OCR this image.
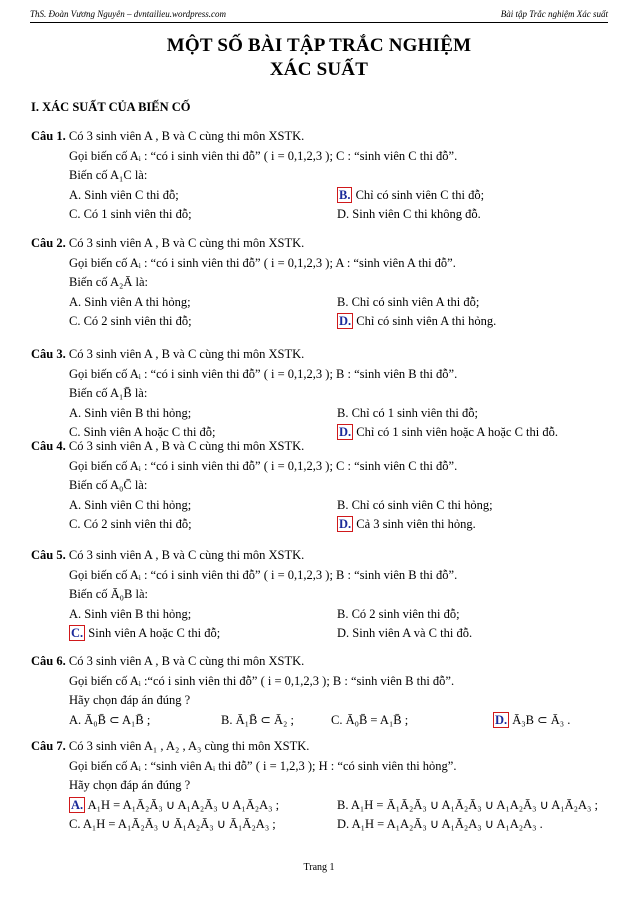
ThS. Đoàn Vương Nguyên – dvntailieu.wordpress.com	Bài tập Trắc nghiệm Xác suất
MỘT SỐ BÀI TẬP TRẮC NGHIỆM
XÁC SUẤT
I. XÁC SUẤT CỦA BIẾN CỐ
Câu 1. Có 3 sinh viên A , B và C cùng thi môn XSTK.
Gọi biến cố Aᵢ : “có i sinh viên thi đỗ” ( i = 0,1,2,3 ); C : “sinh viên C thi đỗ”.
Biến cố A₁C là:
A. Sinh viên C thi đỗ;	B. Chỉ có sinh viên C thi đỗ;
C. Có 1 sinh viên thi đỗ;	D. Sinh viên C thi không đỗ.
Câu 2. Có 3 sinh viên A , B và C cùng thi môn XSTK.
Gọi biến cố Aᵢ : “có i sinh viên thi đỗ” ( i = 0,1,2,3 ); A : “sinh viên A thi đỗ”.
Biến cố A₂Ā là:
A. Sinh viên A thi hỏng;	B. Chỉ có sinh viên A thi đỗ;
C. Có 2 sinh viên thi đỗ;	D. Chỉ có sinh viên A thi hỏng.
Câu 3. Có 3 sinh viên A , B và C cùng thi môn XSTK.
Gọi biến cố Aᵢ : “có i sinh viên thi đỗ” ( i = 0,1,2,3 ); B : “sinh viên B thi đỗ”.
Biến cố A₁B̄ là:
A. Sinh viên B thi hỏng;	B. Chỉ có 1 sinh viên thi đỗ;
C. Sinh viên A hoặc C thi đỗ;	D. Chỉ có 1 sinh viên hoặc A hoặc C thi đỗ.
Câu 4. Có 3 sinh viên A , B và C cùng thi môn XSTK.
Gọi biến cố Aᵢ : “có i sinh viên thi đỗ” ( i = 0,1,2,3 ); C : “sinh viên C thi đỗ”.
Biến cố A₀C̄ là:
A. Sinh viên C thi hỏng;	B. Chỉ có sinh viên C thi hỏng;
C. Có 2 sinh viên thi đỗ;	D. Cả 3 sinh viên thi hỏng.
Câu 5. Có 3 sinh viên A , B và C cùng thi môn XSTK.
Gọi biến cố Aᵢ : “có i sinh viên thi đỗ” ( i = 0,1,2,3 ); B : “sinh viên B thi đỗ”.
Biến cố Ā₀B là:
A. Sinh viên B thi hỏng;	B. Có 2 sinh viên thi đỗ;
C. Sinh viên A hoặc C thi đỗ;	D. Sinh viên A và C thi đỗ.
Câu 6. Có 3 sinh viên A , B và C cùng thi môn XSTK.
Gọi biến cố Aᵢ :“có i sinh viên thi đỗ” ( i = 0,1,2,3 ); B : “sinh viên B thi đỗ”.
Hãy chọn đáp án đúng ?
A. Ā₀B̄ ⊂ A₁B̄ ;	B. Ā₁B̄ ⊂ Ā₂ ;	C. Ā₀B̄ = A₁B̄ ;	D. Ā₃B ⊂ Ā₃ .
Câu 7. Có 3 sinh viên A₁ , A₂ , A₃ cùng thi môn XSTK.
Gọi biến cố Aᵢ : “sinh viên Aᵢ thi đỗ” ( i = 1,2,3 ); H : “có sinh viên thi hỏng”.
Hãy chọn đáp án đúng ?
A. A₁H = A₁Ā₂Ā₃ ∪ A₁A₂Ā₃ ∪ A₁Ā₂A₃ ;	B. A₁H = Ā₁Ā₂Ā₃ ∪ A₁Ā₂Ā₃ ∪ A₁A₂Ā₃ ∪ A₁Ā₂A₃ ;
C. A₁H = A₁Ā₂Ā₃ ∪ Ā₁A₂Ā₃ ∪ Ā₁Ā₂A₃ ;	D. A₁H = A₁A₂Ā₃ ∪ A₁Ā₂A₃ ∪ A₁A₂A₃ .
Trang 1
